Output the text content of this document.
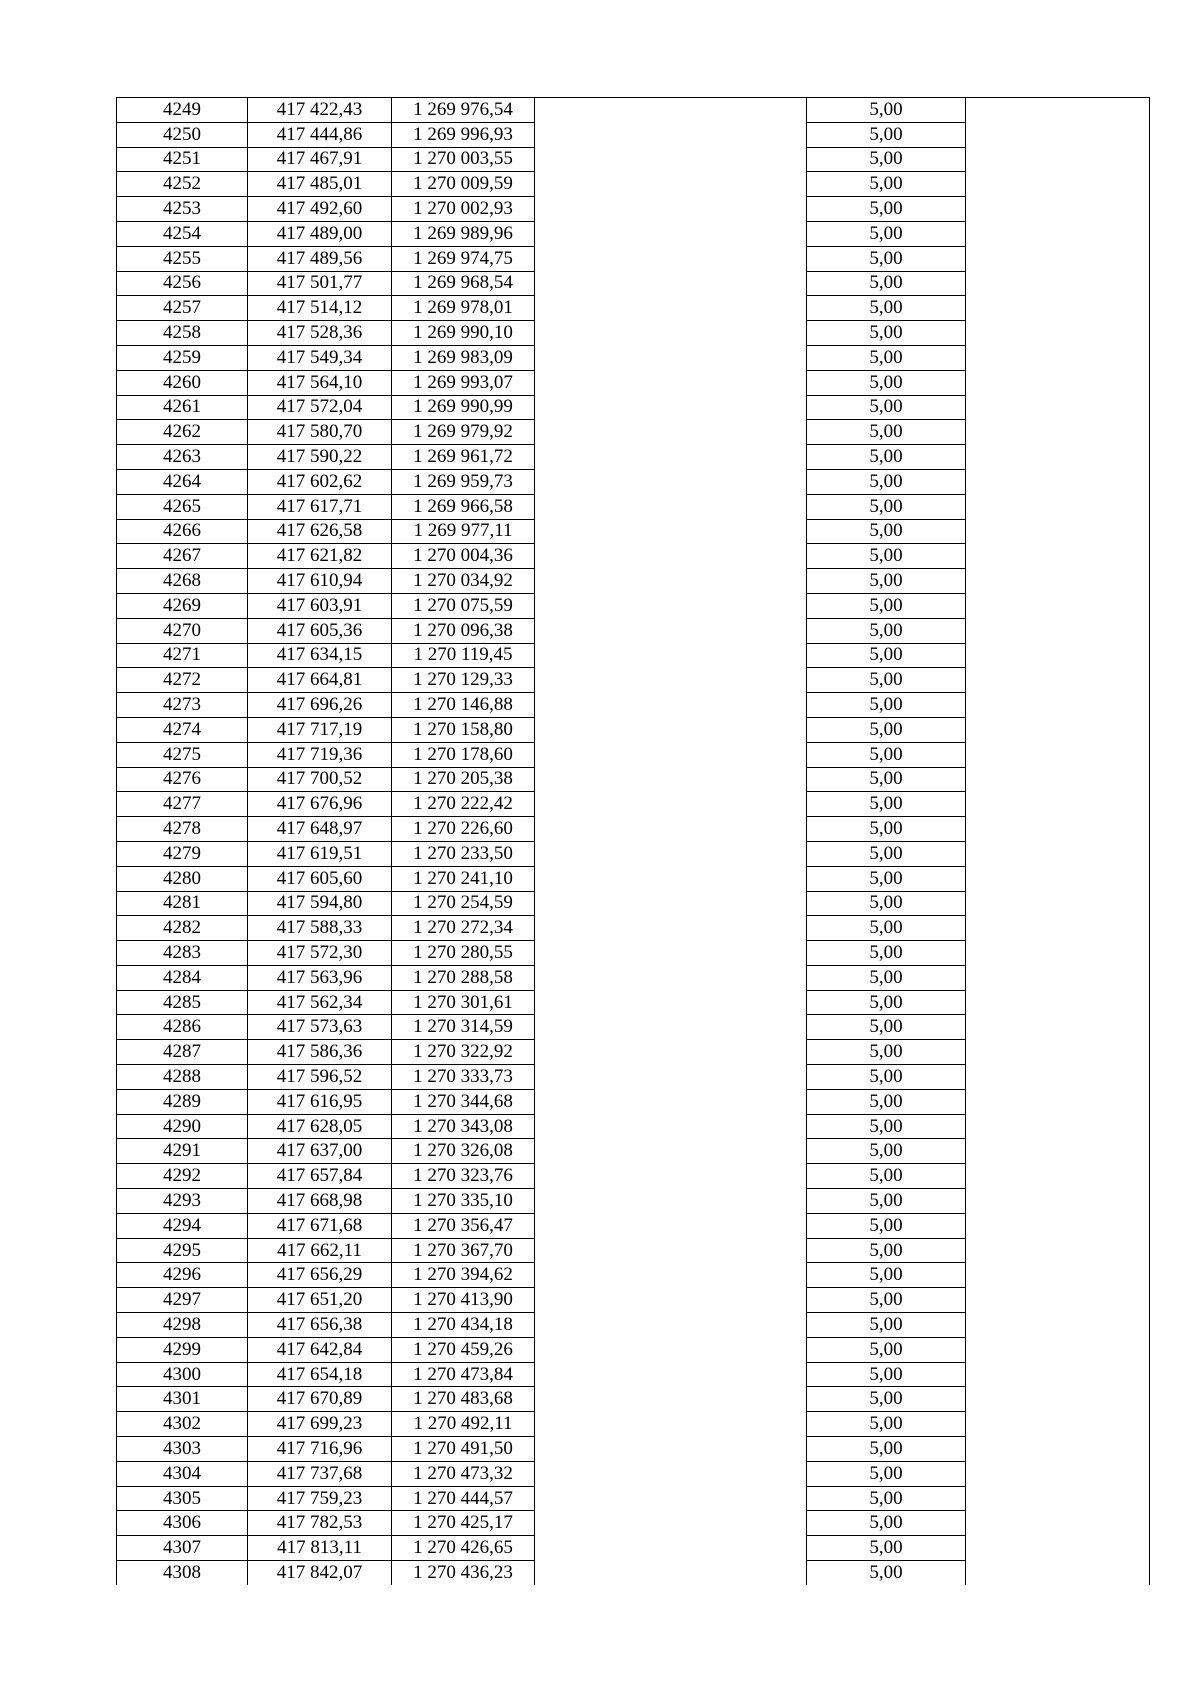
4249	417 422,43	1 269 976,54		5,00	
4250	417 444,86	1 269 996,93		5,00	
4251	417 467,91	1 270 003,55		5,00	
4252	417 485,01	1 270 009,59		5,00	
4253	417 492,60	1 270 002,93		5,00	
4254	417 489,00	1 269 989,96		5,00	
4255	417 489,56	1 269 974,75		5,00	
4256	417 501,77	1 269 968,54		5,00	
4257	417 514,12	1 269 978,01		5,00	
4258	417 528,36	1 269 990,10		5,00	
4259	417 549,34	1 269 983,09		5,00	
4260	417 564,10	1 269 993,07		5,00	
4261	417 572,04	1 269 990,99		5,00	
4262	417 580,70	1 269 979,92		5,00	
4263	417 590,22	1 269 961,72		5,00	
4264	417 602,62	1 269 959,73		5,00	
4265	417 617,71	1 269 966,58		5,00	
4266	417 626,58	1 269 977,11		5,00	
4267	417 621,82	1 270 004,36		5,00	
4268	417 610,94	1 270 034,92		5,00	
4269	417 603,91	1 270 075,59		5,00	
4270	417 605,36	1 270 096,38		5,00	
4271	417 634,15	1 270 119,45		5,00	
4272	417 664,81	1 270 129,33		5,00	
4273	417 696,26	1 270 146,88		5,00	
4274	417 717,19	1 270 158,80		5,00	
4275	417 719,36	1 270 178,60		5,00	
4276	417 700,52	1 270 205,38		5,00	
4277	417 676,96	1 270 222,42		5,00	
4278	417 648,97	1 270 226,60		5,00	
4279	417 619,51	1 270 233,50		5,00	
4280	417 605,60	1 270 241,10		5,00	
4281	417 594,80	1 270 254,59		5,00	
4282	417 588,33	1 270 272,34		5,00	
4283	417 572,30	1 270 280,55		5,00	
4284	417 563,96	1 270 288,58		5,00	
4285	417 562,34	1 270 301,61		5,00	
4286	417 573,63	1 270 314,59		5,00	
4287	417 586,36	1 270 322,92		5,00	
4288	417 596,52	1 270 333,73		5,00	
4289	417 616,95	1 270 344,68		5,00	
4290	417 628,05	1 270 343,08		5,00	
4291	417 637,00	1 270 326,08		5,00	
4292	417 657,84	1 270 323,76		5,00	
4293	417 668,98	1 270 335,10		5,00	
4294	417 671,68	1 270 356,47		5,00	
4295	417 662,11	1 270 367,70		5,00	
4296	417 656,29	1 270 394,62		5,00	
4297	417 651,20	1 270 413,90		5,00	
4298	417 656,38	1 270 434,18		5,00	
4299	417 642,84	1 270 459,26		5,00	
4300	417 654,18	1 270 473,84		5,00	
4301	417 670,89	1 270 483,68		5,00	
4302	417 699,23	1 270 492,11		5,00	
4303	417 716,96	1 270 491,50		5,00	
4304	417 737,68	1 270 473,32		5,00	
4305	417 759,23	1 270 444,57		5,00	
4306	417 782,53	1 270 425,17		5,00	
4307	417 813,11	1 270 426,65		5,00	
4308	417 842,07	1 270 436,23		5,00	
